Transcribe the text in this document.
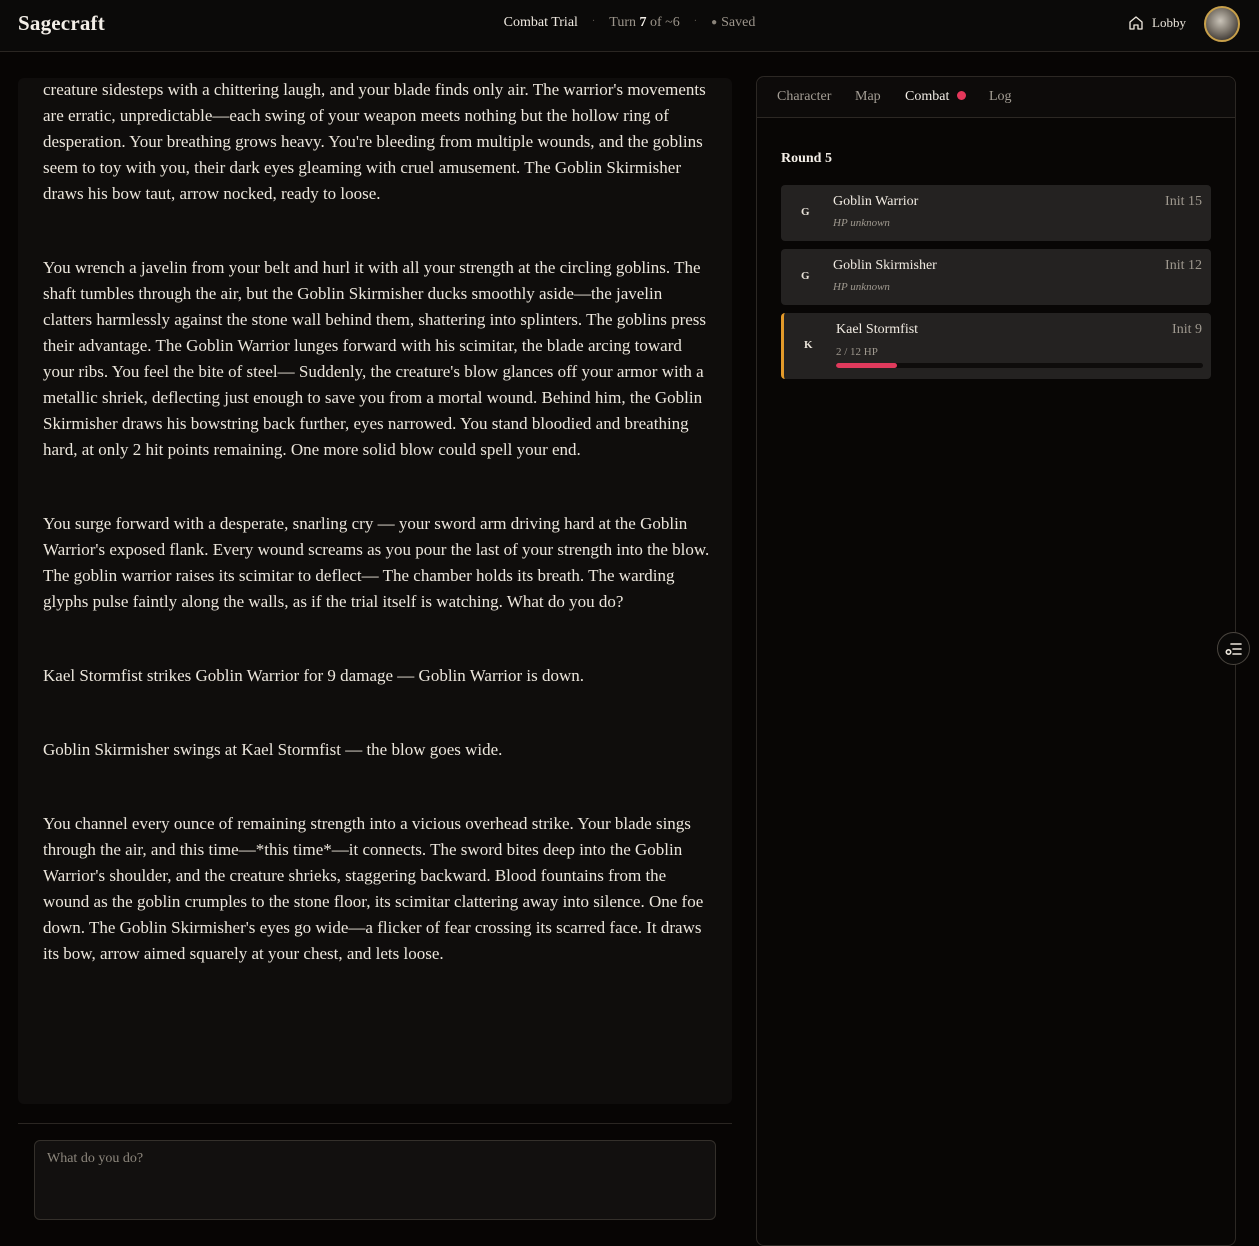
Sagecraft	Combat Trial · Turn 7 of ~6 · ● Saved	Lobby

creature sidesteps with a chittering laugh, and your blade finds only air. The warrior's movements are erratic, unpredictable—each swing of your weapon meets nothing but the hollow ring of desperation. Your breathing grows heavy. You're bleeding from multiple wounds, and the goblins seem to toy with you, their dark eyes gleaming with cruel amusement. The Goblin Skirmisher draws his bow taut, arrow nocked, ready to loose.

You wrench a javelin from your belt and hurl it with all your strength at the circling goblins. The shaft tumbles through the air, but the Goblin Skirmisher ducks smoothly aside—the javelin clatters harmlessly against the stone wall behind them, shattering into splinters. The goblins press their advantage. The Goblin Warrior lunges forward with his scimitar, the blade arcing toward your ribs. You feel the bite of steel— Suddenly, the creature's blow glances off your armor with a metallic shriek, deflecting just enough to save you from a mortal wound. Behind him, the Goblin Skirmisher draws his bowstring back further, eyes narrowed. You stand bloodied and breathing hard, at only 2 hit points remaining. One more solid blow could spell your end.

You surge forward with a desperate, snarling cry — your sword arm driving hard at the Goblin Warrior's exposed flank. Every wound screams as you pour the last of your strength into the blow. The goblin warrior raises its scimitar to deflect— The chamber holds its breath. The warding glyphs pulse faintly along the walls, as if the trial itself is watching. What do you do?

Kael Stormfist strikes Goblin Warrior for 9 damage — Goblin Warrior is down.

Goblin Skirmisher swings at Kael Stormfist — the blow goes wide.

You channel every ounce of remaining strength into a vicious overhead strike. Your blade sings through the air, and this time—*this time*—it connects. The sword bites deep into the Goblin Warrior's shoulder, and the creature shrieks, staggering backward. Blood fountains from the wound as the goblin crumples to the stone floor, its scimitar clattering away into silence. One foe down. The Goblin Skirmisher's eyes go wide—a flicker of fear crossing its scarred face. It draws its bow, arrow aimed squarely at your chest, and lets loose.

What do you do?
Character Map Combat	Log
Round 5
G
Goblin Warrior	Init 15
HP unknown
G
Goblin Skirmisher	Init 12
HP unknown
K
Kael Stormfist	Init 9
2 / 12 HP
